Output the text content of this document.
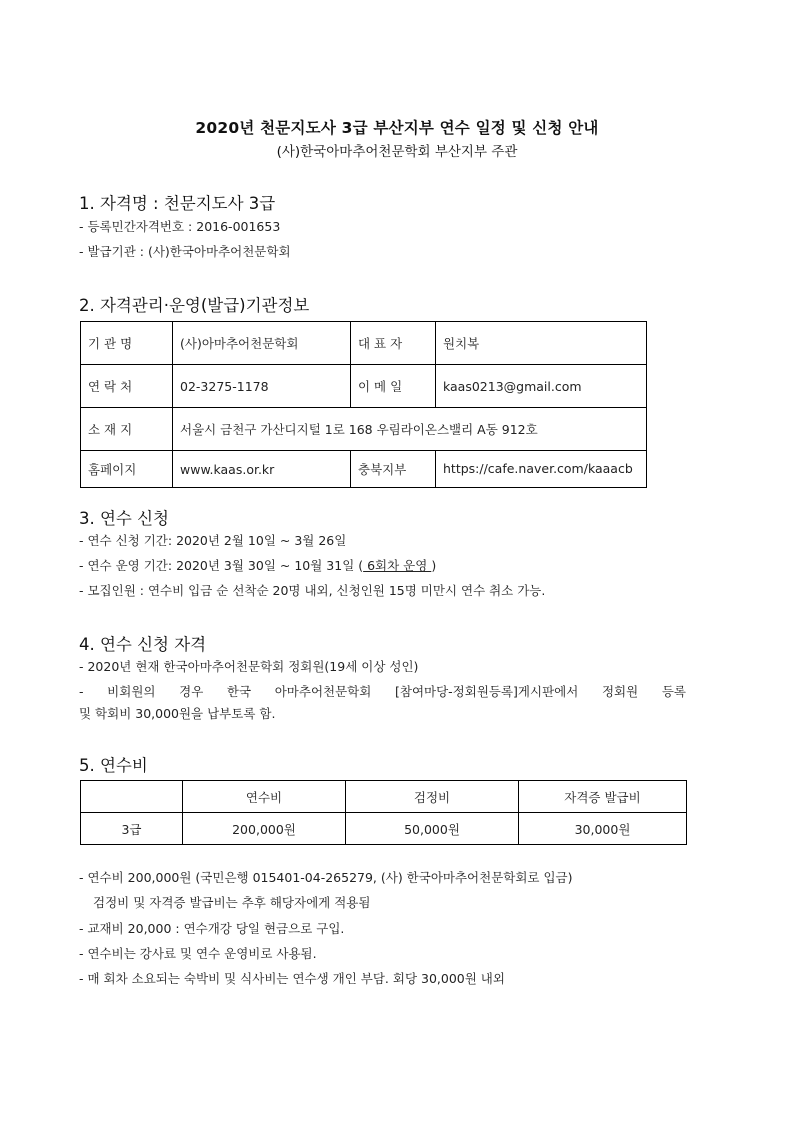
2020년 천문지도사 3급 부산지부 연수 일정 및 신청 안내
(사)한국아마추어천문학회 부산지부 주관
1. 자격명 : 천문지도사 3급
- 등록민간자격번호 : 2016-001653
- 발급기관 : (사)한국아마추어천문학회
2. 자격관리·운영(발급)기관정보
기 관 명	(사)아마추어천문학회	대 표 자	원치복
연 락 처	02-3275-1178	이 메 일	kaas0213@gmail.com
소 재 지	서울시 금천구 가산디지털 1로 168 우림라이온스밸리 A동 912호		
홈페이지	www.kaas.or.kr	충북지부	https://cafe.naver.com/kaaacb
3. 연수 신청
- 연수 신청 기간: 2020년 2월 10일 ~ 3월 26일
- 연수 운영 기간: 2020년 3월 30일 ~ 10월 31일 ( 6회차 운영 )
- 모집인원 : 연수비 입금 순 선착순 20명 내외, 신청인원 15명 미만시 연수 취소 가능.
4. 연수 신청 자격
- 2020년 현재 한국아마추어천문학회 정회원(19세 이상 성인)
- 비회원의 경우 한국 아마추어천문학회 [참여마당-정회원등록]게시판에서 정회원 등록
및 학회비 30,000원을 납부토록 함.
5. 연수비
	연수비	검정비	자격증 발급비
3급	200,000원	50,000원	30,000원
- 연수비 200,000원 (국민은행 015401-04-265279, (사) 한국아마추어천문학회로 입금)
검정비 및 자격증 발급비는 추후 해당자에게 적용됨
- 교재비 20,000 : 연수개강 당일 현금으로 구입.
- 연수비는 강사료 및 연수 운영비로 사용됨.
- 매 회차 소요되는 숙박비 및 식사비는 연수생 개인 부담. 회당 30,000원 내외
